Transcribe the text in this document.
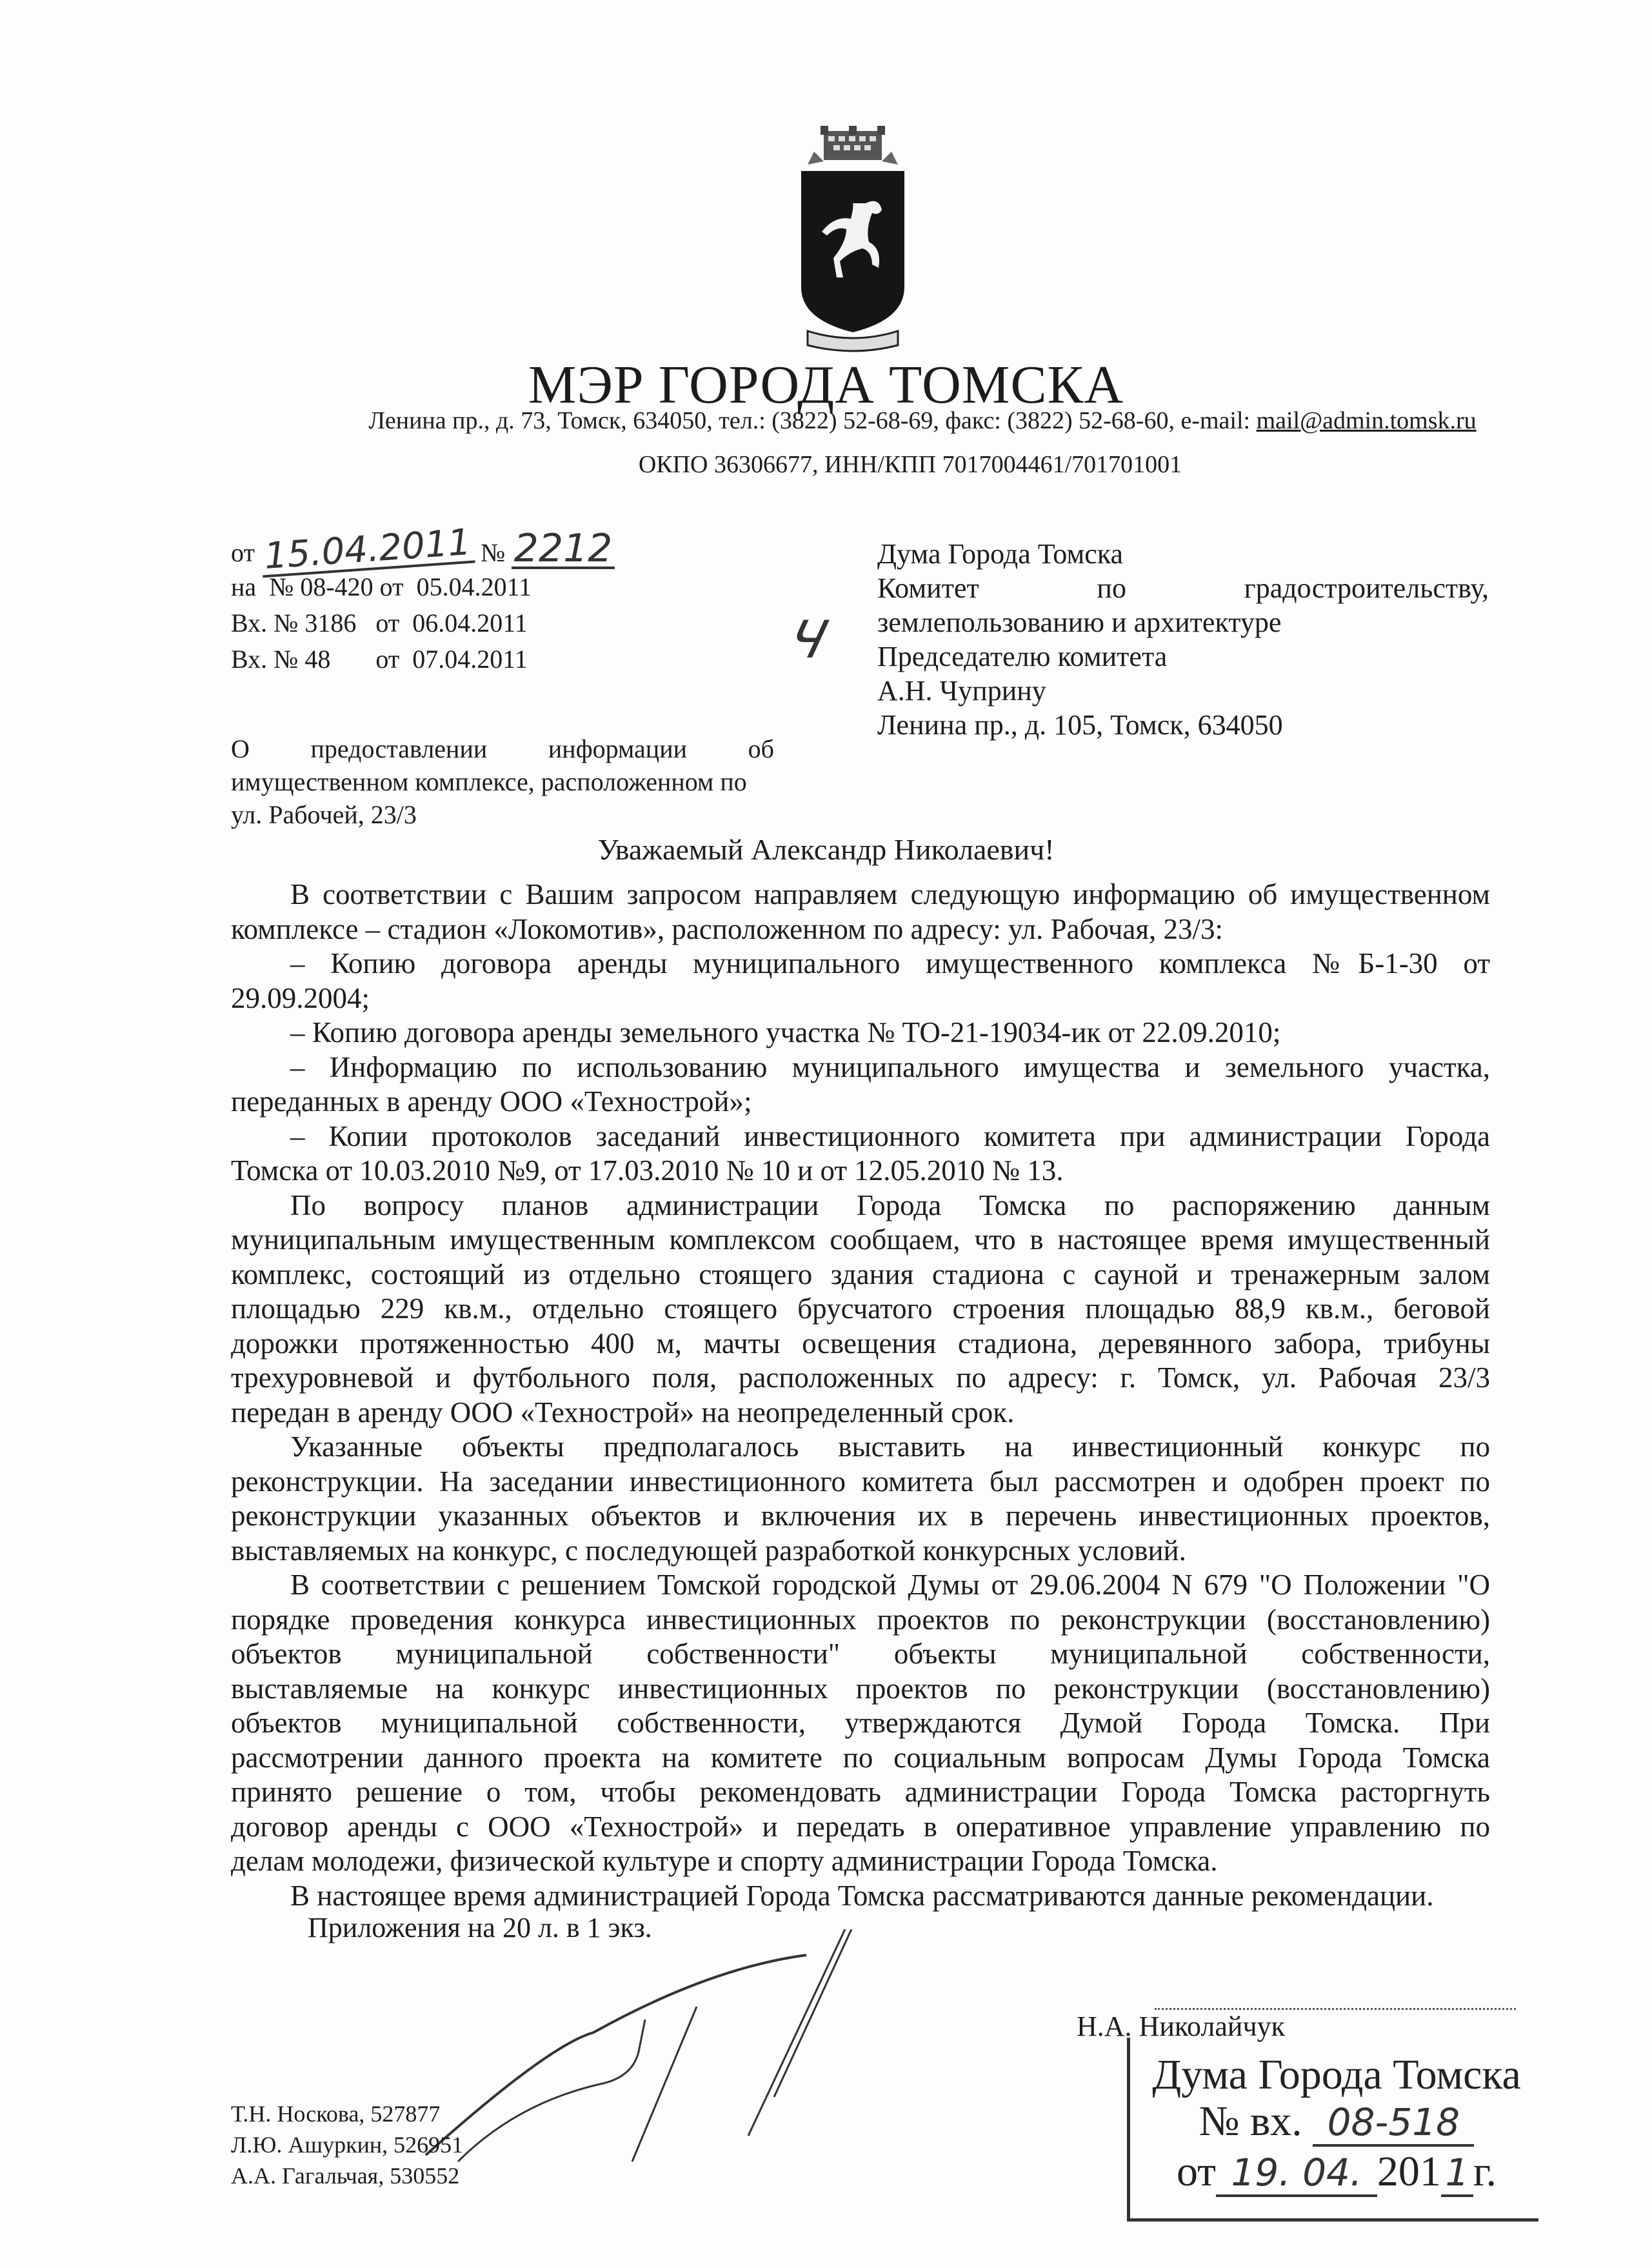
МЭР ГОРОДА ТОМСКА
Ленина пр., д. 73, Томск, 634050, тел.: (3822) 52-68-69, факс: (3822) 52-68-60, e-mail: mail@admin.tomsk.ru
ОКПО 36306677, ИНН/КПП 7017004461/701701001
от 15.04.2011 № 2212
на  № 08-420 от  05.04.2011
Вх. № 3186   от  06.04.2011
Вх. № 48       от  07.04.2011	Ч
Дума Города Томска
Комитет по градостроительству,
землепользованию и архитектуре
Председателю комитета
А.Н. Чуприну
Ленина пр., д. 105, Томск, 634050
О предоставлении информации об
имущественном комплексе, расположенном по
ул. Рабочей, 23/3
Уважаемый Александр Николаевич!
В соответствии с Вашим запросом направляем следующую информацию об имущественном
комплексе – стадион «Локомотив», расположенном по адресу: ул. Рабочая, 23/3:
– Копию договора аренды муниципального имущественного комплекса №Б-1-30 от
29.09.2004;
– Копию договора аренды земельного участка № ТО-21-19034-ик от 22.09.2010;
– Информацию по использованию муниципального имущества и земельного участка,
переданных в аренду ООО «Технострой»;
– Копии протоколов заседаний инвестиционного комитета при администрации Города
Томска от 10.03.2010 №9, от 17.03.2010 № 10 и от 12.05.2010 № 13.
По вопросу планов администрации Города Томска по распоряжению данным
муниципальным имущественным комплексом сообщаем, что в настоящее время имущественный
комплекс, состоящий из отдельно стоящего здания стадиона с сауной и тренажерным залом
площадью 229 кв.м., отдельно стоящего брусчатого строения площадью 88,9 кв.м., беговой
дорожки протяженностью 400 м, мачты освещения стадиона, деревянного забора, трибуны
трехуровневой и футбольного поля, расположенных по адресу: г. Томск, ул. Рабочая 23/3
передан в аренду ООО «Технострой» на неопределенный срок.
Указанные объекты предполагалось выставить на инвестиционный конкурс по
реконструкции. На заседании инвестиционного комитета был рассмотрен и одобрен проект по
реконструкции указанных объектов и включения их в перечень инвестиционных проектов,
выставляемых на конкурс, с последующей разработкой конкурсных условий.
В соответствии с решением Томской городской Думы от 29.06.2004 N 679 "О Положении "О
порядке проведения конкурса инвестиционных проектов по реконструкции (восстановлению)
объектов муниципальной собственности" объекты муниципальной собственности,
выставляемые на конкурс инвестиционных проектов по реконструкции (восстановлению)
объектов муниципальной собственности, утверждаются Думой Города Томска. При
рассмотрении данного проекта на комитете по социальным вопросам Думы Города Томска
принято решение о том, чтобы рекомендовать администрации Города Томска расторгнуть
договор аренды с ООО «Технострой» и передать в оперативное управление управлению по
делам молодежи, физической культуре и спорту администрации Города Томска.
В настоящее время администрацией Города Томска рассматриваются данные рекомендации.
Приложения на 20 л. в 1 экз.
Н.А. Николайчук
Т.Н. Носкова, 527877
Л.Ю. Ашуркин, 526951
А.А. Гагальчая, 530552
Дума Города Томска
№ вх. 08-518
от 19. 04. 201 1г.
